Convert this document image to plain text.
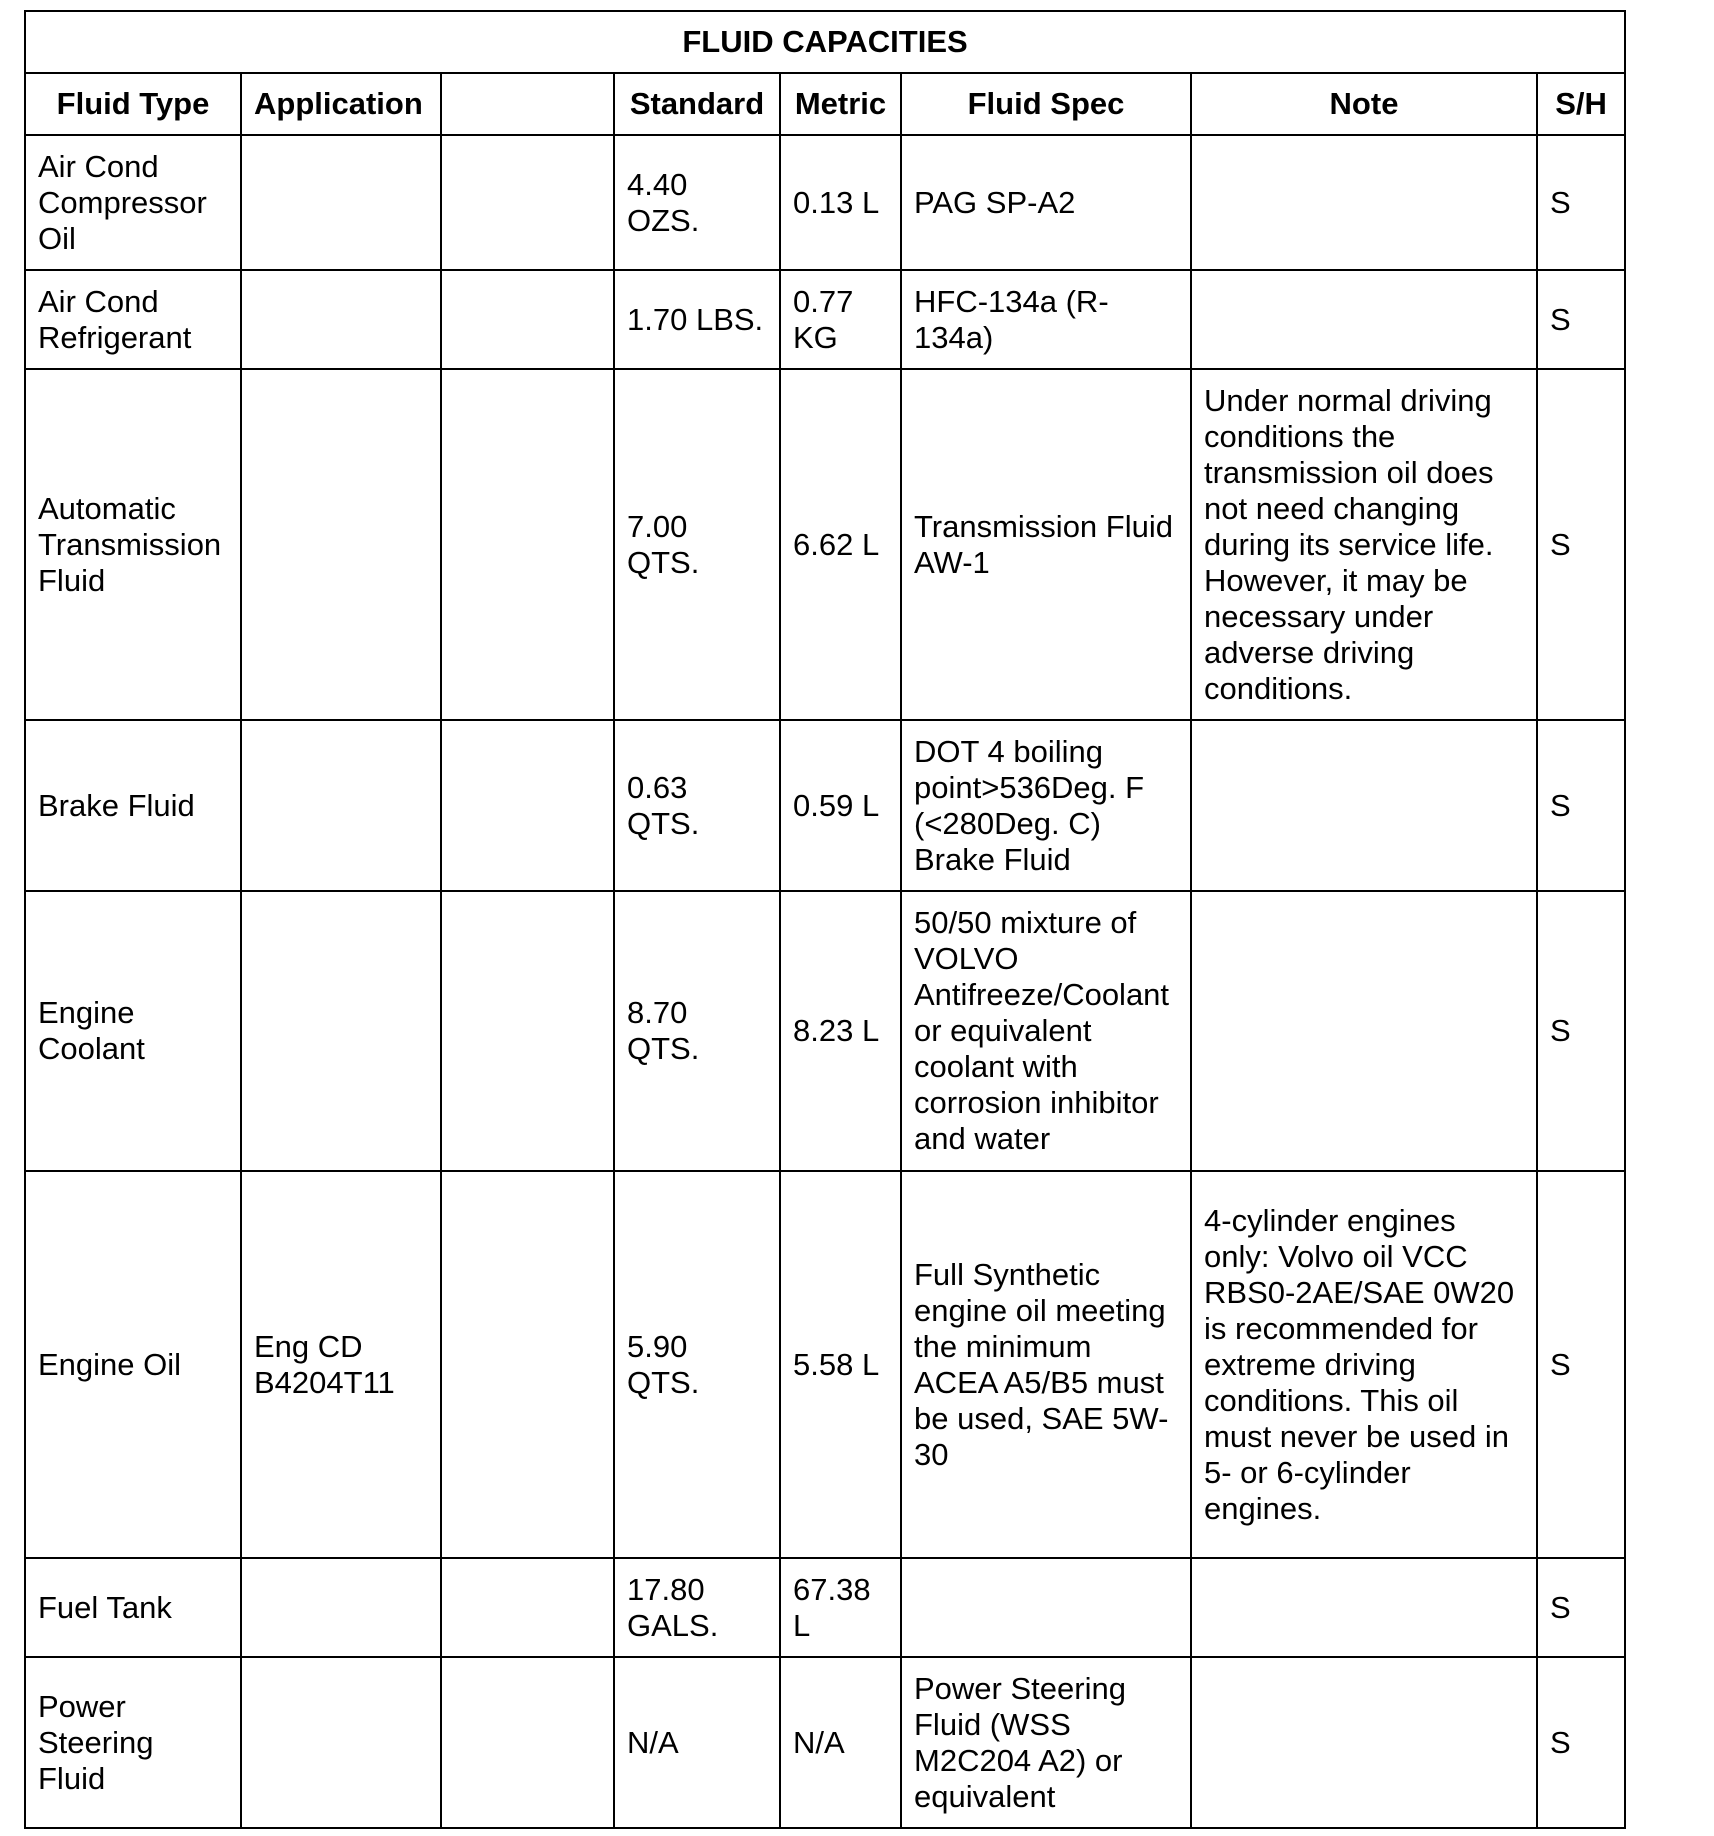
FLUID CAPACITIES							
Fluid Type	Application		Standard	Metric	Fluid Spec	Note	S/H
Air Cond Compressor Oil			4.40 OZS.	0.13 L	PAG SP-A2		S
Air Cond Refrigerant			1.70 LBS.	0.77 KG	HFC-134a (R-134a)		S
Automatic Transmission Fluid			7.00 QTS.	6.62 L	Transmission Fluid AW-1	Under normal driving conditions the transmission oil does not need changing during its service life. However, it may be necessary under adverse driving conditions.	S
Brake Fluid			0.63 QTS.	0.59 L	DOT 4 boiling point>536Deg. F (<280Deg. C) Brake Fluid		S
Engine Coolant			8.70 QTS.	8.23 L	50/50 mixture of VOLVO Antifreeze/Coolant or equivalent coolant with corrosion inhibitor and water		S
Engine Oil	Eng CD B4204T11		5.90 QTS.	5.58 L	Full Synthetic engine oil meeting the minimum ACEA A5/B5 must be used, SAE 5W-30	4-cylinder engines only: Volvo oil VCC RBS0-2AE/SAE 0W20 is recommended for extreme driving conditions. This oil must never be used in 5- or 6-cylinder engines.	S
Fuel Tank			17.80 GALS.	67.38 L			S
Power Steering Fluid			N/A	N/A	Power Steering Fluid (WSS M2C204 A2) or equivalent		S
